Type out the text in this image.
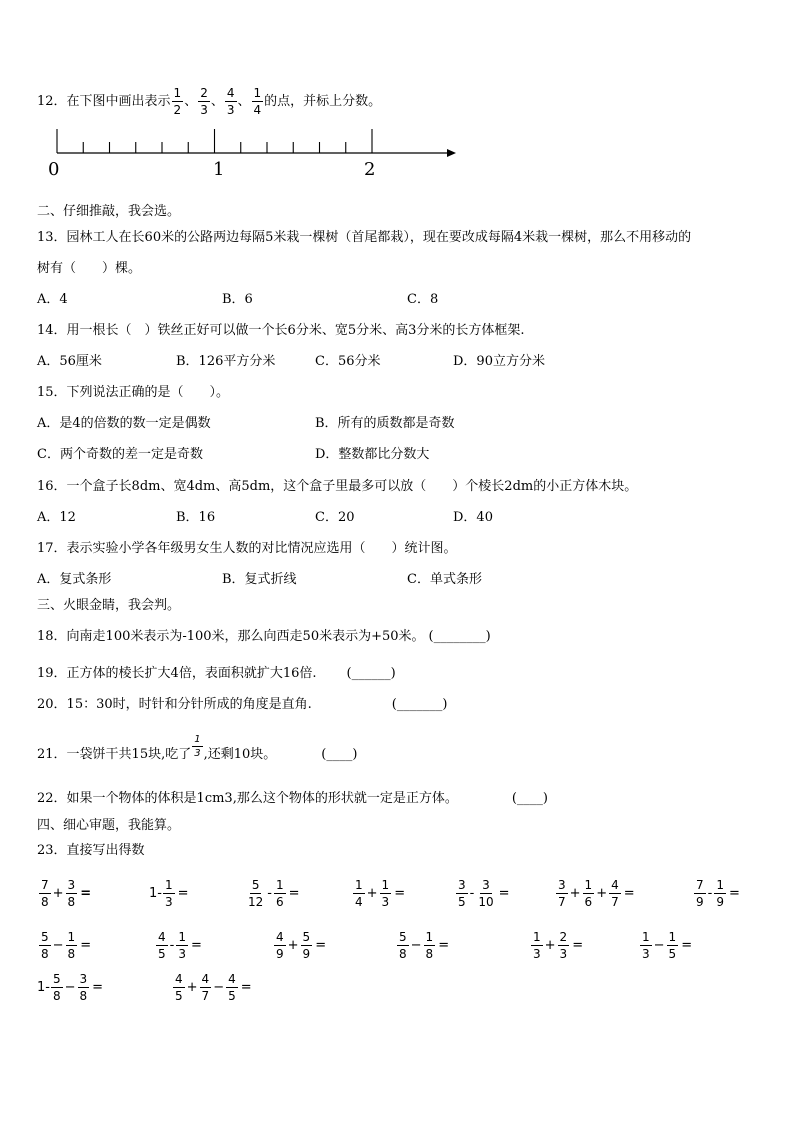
12．在下图中画出表示 $\frac{1}{2}$ 、 $\frac{2}{3}$ 、 $\frac{4}{3}$ 、 $\frac{1}{4}$ 的点，并标上分数。
0	1	2
二、仔细推敲，我会选。
13．园林工人在长60米的公路两边每隔5米栽一棵树（首尾都栽），现在要改成每隔4米栽一棵树，那么不用移动的
树有（　　）棵。
A．4	B．6	C．8
14．用一根长（　）铁丝正好可以做一个长6分米、宽5分米、高3分米的长方体框架.
A．56厘米	B．126平方分米	C．56分米	D．90立方分米
15．下列说法正确的是（　　）。
A．是4的倍数的数一定是偶数	B．所有的质数都是奇数
C．两个奇数的差一定是奇数	D．整数都比分数大
16．一个盒子长8dm、宽4dm、高5dm，这个盒子里最多可以放（　　）个棱长2dm的小正方体木块。
A．12	B．16	C．20	D．40
17．表示实验小学各年级男女生人数的对比情况应选用（　　）统计图。
A．复式条形	B．复式折线	C．单式条形
三、火眼金睛，我会判。
18．向南走100米表示为-100米，那么向西走50米表示为+50米。 (________)
19．正方体的棱长扩大4倍，表面积就扩大16倍. (______)
20．15：30时，时针和分针所成的角度是直角.	(_______)
21．一袋饼干共15块,吃了 $\frac{1}{3}$ ,还剩10块。	(____)
22．如果一个物体的体积是1cm3,那么这个物体的形状就一定是正方体。	(____)
四、细心审题，我能算。
23．直接写出得数
$\frac{7}{8} + \frac{3}{8}$ =	$1- \frac{1}{3}$ =	$\frac{5}{12} - \frac{1}{6}$ =	$\frac{1}{4} + \frac{1}{3}$ =	$\frac{3}{5} - \frac{3}{10}$ =	$\frac{3}{7} + \frac{1}{6} + \frac{4}{7}$ =	$\frac{7}{9} - \frac{1}{9}$ =
$\frac{5}{8} - \frac{1}{8}$ =	$\frac{4}{5} - \frac{1}{3}$ =	$\frac{4}{9} + \frac{5}{9}$ =	$\frac{5}{8} - \frac{1}{8}$ =	$\frac{1}{3} + \frac{2}{3}$ =	$\frac{1}{3} - \frac{1}{5}$ =
$1- \frac{5}{8} - \frac{3}{8}$ =	$\frac{4}{5} + \frac{4}{7} - \frac{4}{5}$ =
